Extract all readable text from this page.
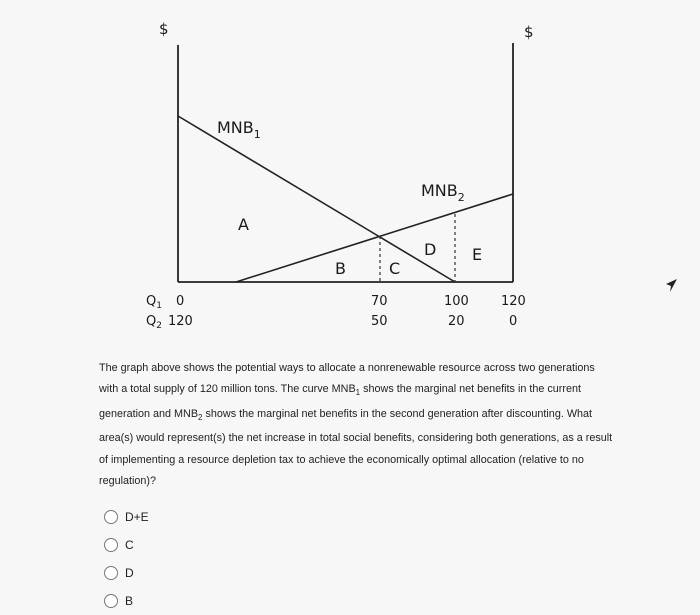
$	$
$MNB_1$
$MNB_2$
A
B	C
D E
$Q_1$
$Q_2$
0	70	100 120
120	50	20	0
The graph above shows the potential ways to allocate a nonrenewable resource across two generations
with a total supply of 120 million tons. The curve $MNB_1$ shows the marginal net benefits in the current
generation and $MNB_2$ shows the marginal net benefits in the second generation after discounting. What
area(s) would represent(s) the net increase in total social benefits, considering both generations, as a result
of implementing a resource depletion tax to achieve the economically optimal allocation (relative to no
regulation)?
D+E
C
D
B
